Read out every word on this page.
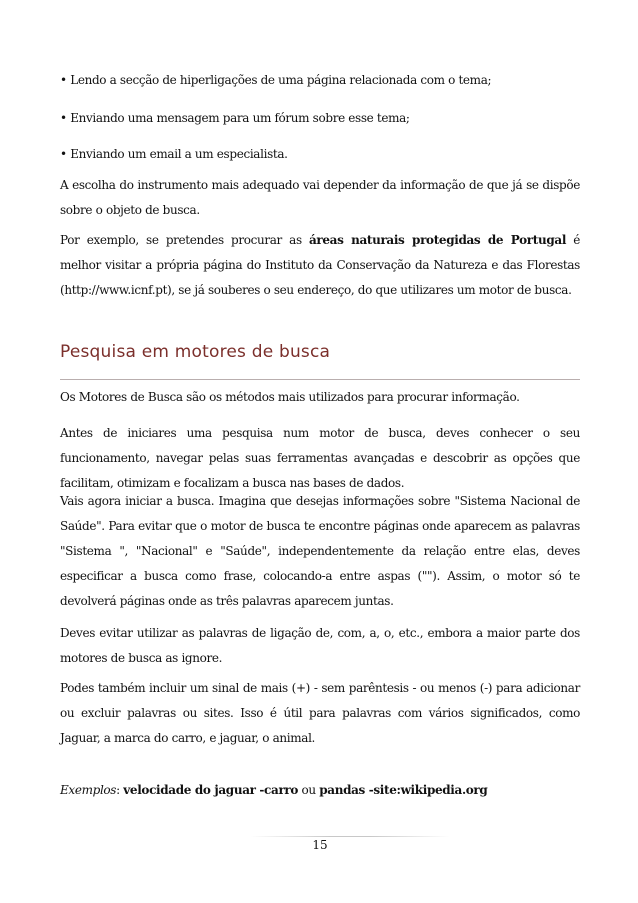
• Lendo a secção de hiperligações de uma página relacionada com o tema;
• Enviando uma mensagem para um fórum sobre esse tema;
• Enviando um email a um especialista.

A escolha do instrumento mais adequado vai depender da informação de que já se dispõe sobre o objeto de busca.

Por exemplo, se pretendes procurar as áreas naturais protegidas de Portugal é melhor visitar a própria página do Instituto da Conservação da Natureza e das Florestas (http://www.icnf.pt), se já souberes o seu endereço, do que utilizares um motor de busca.

Pesquisa em motores de busca

Os Motores de Busca são os métodos mais utilizados para procurar informação.

Antes de iniciares uma pesquisa num motor de busca, deves conhecer o seu funcionamento, navegar pelas suas ferramentas avançadas e descobrir as opções que facilitam, otimizam e focalizam a busca nas bases de dados.

Vais agora iniciar a busca. Imagina que desejas informações sobre "Sistema Nacional de Saúde". Para evitar que o motor de busca te encontre páginas onde aparecem as palavras "Sistema ", "Nacional" e "Saúde", independentemente da relação entre elas, deves especificar a busca como frase, colocando-a entre aspas (""). Assim, o motor só te devolverá páginas onde as três palavras aparecem juntas.

Deves evitar utilizar as palavras de ligação de, com, a, o, etc., embora a maior parte dos motores de busca as ignore.

Podes também incluir um sinal de mais (+) - sem parêntesis - ou menos (-) para adicionar ou excluir palavras ou sites. Isso é útil para palavras com vários significados, como Jaguar, a marca do carro, e jaguar, o animal.

Exemplos: velocidade do jaguar -carro ou pandas -site:wikipedia.org

15
